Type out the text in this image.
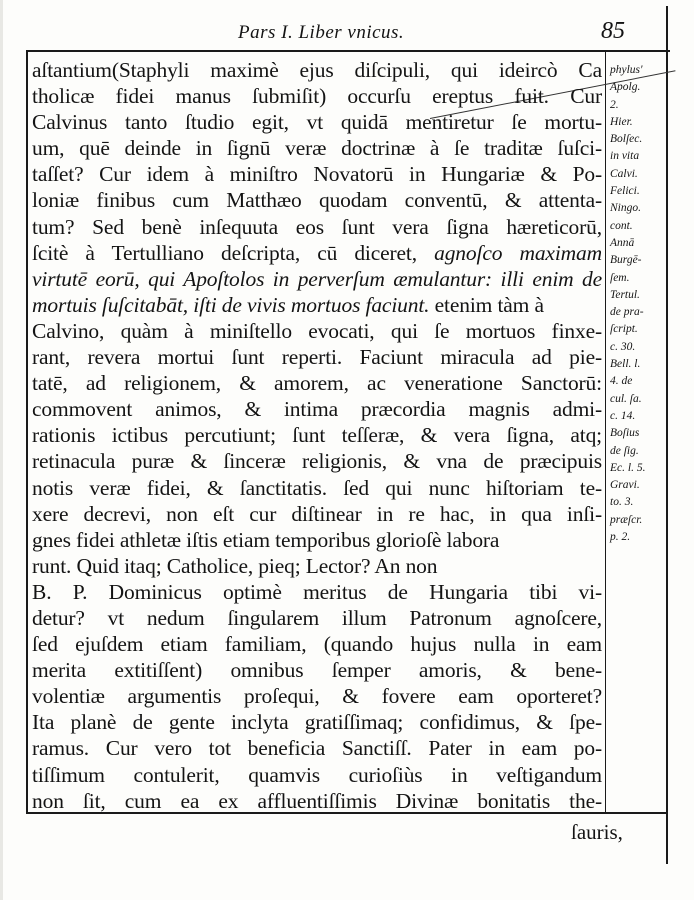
Pars I. Liber vnicus.	85
aſtantium(Staphyli maximè ejus diſcipuli, qui ideircò Ca
tholicæ fidei manus ſubmiſit) occurſu ereptus fuit. Cur
Calvinus tanto ſtudio egit, vt quidā mentiretur ſe mortu-
um, quē deinde in ſignū veræ doctrinæ à ſe traditæ ſuſci-
taſſet? Cur idem à miniſtro Novatorū in Hungariæ & Po-
loniæ finibus cum Matthæo quodam conventū, & attenta-
tum? Sed benè inſequuta eos ſunt vera ſigna hæreticorū,
ſcitè à Tertulliano deſcripta, cū diceret, agnoſco maximam
virtutē eorū, qui Apoſtolos in perverſum æmulantur: illi enim de
mortuis ſuſcitabāt, iſti de vivis mortuos faciunt. etenim tàm à
Calvino, quàm à miniſtello evocati, qui ſe mortuos finxe-
rant, revera mortui ſunt reperti. Faciunt miracula ad pie-
tatē, ad religionem, & amorem, ac veneratione Sanctorū:
commovent animos, & intima præcordia magnis admi-
rationis ictibus percutiunt; ſunt teſſeræ, & vera ſigna, atq;
retinacula puræ & ſinceræ religionis, & vna de præcipuis
notis veræ fidei, & ſanctitatis. ſed qui nunc hiſtoriam te-
xere decrevi, non eſt cur diſtinear in re hac, in qua inſi-
gnes fidei athletæ iſtis etiam temporibus glorioſè labora
runt. Quid itaq; Catholice, pieq; Lector? An non
B. P. Dominicus optimè meritus de Hungaria tibi vi-
detur? vt nedum ſingularem illum Patronum agnoſcere,
ſed ejuſdem etiam familiam, (quando hujus nulla in eam
merita extitiſſent) omnibus ſemper amoris, & bene-
volentiæ argumentis proſequi, & fovere eam oporteret?
Ita planè de gente inclyta gratiſſimaq; confidimus, & ſpe-
ramus. Cur vero tot beneficia Sanctiſſ. Pater in eam po-
tiſſimum contulerit, quamvis curioſiùs in veſtigandum
non ſit, cum ea ex affluentiſſimis Divinæ bonitatis the-
phylus'
Apolg.
2.
Hier.
Bolſec.
in vita
Calvi.
Felici.
Ningo.
cont.
Annā
Burgē-
ſem.
Tertul.
de pra-
ſcript.
c. 30.
Bell. l.
4. de
cul. ſa.
c. 14.
Boſius
de ſig.
Ec. l. 5.
Gravi.
to. 3.
præſcr.
p. 2.
ſauris,
